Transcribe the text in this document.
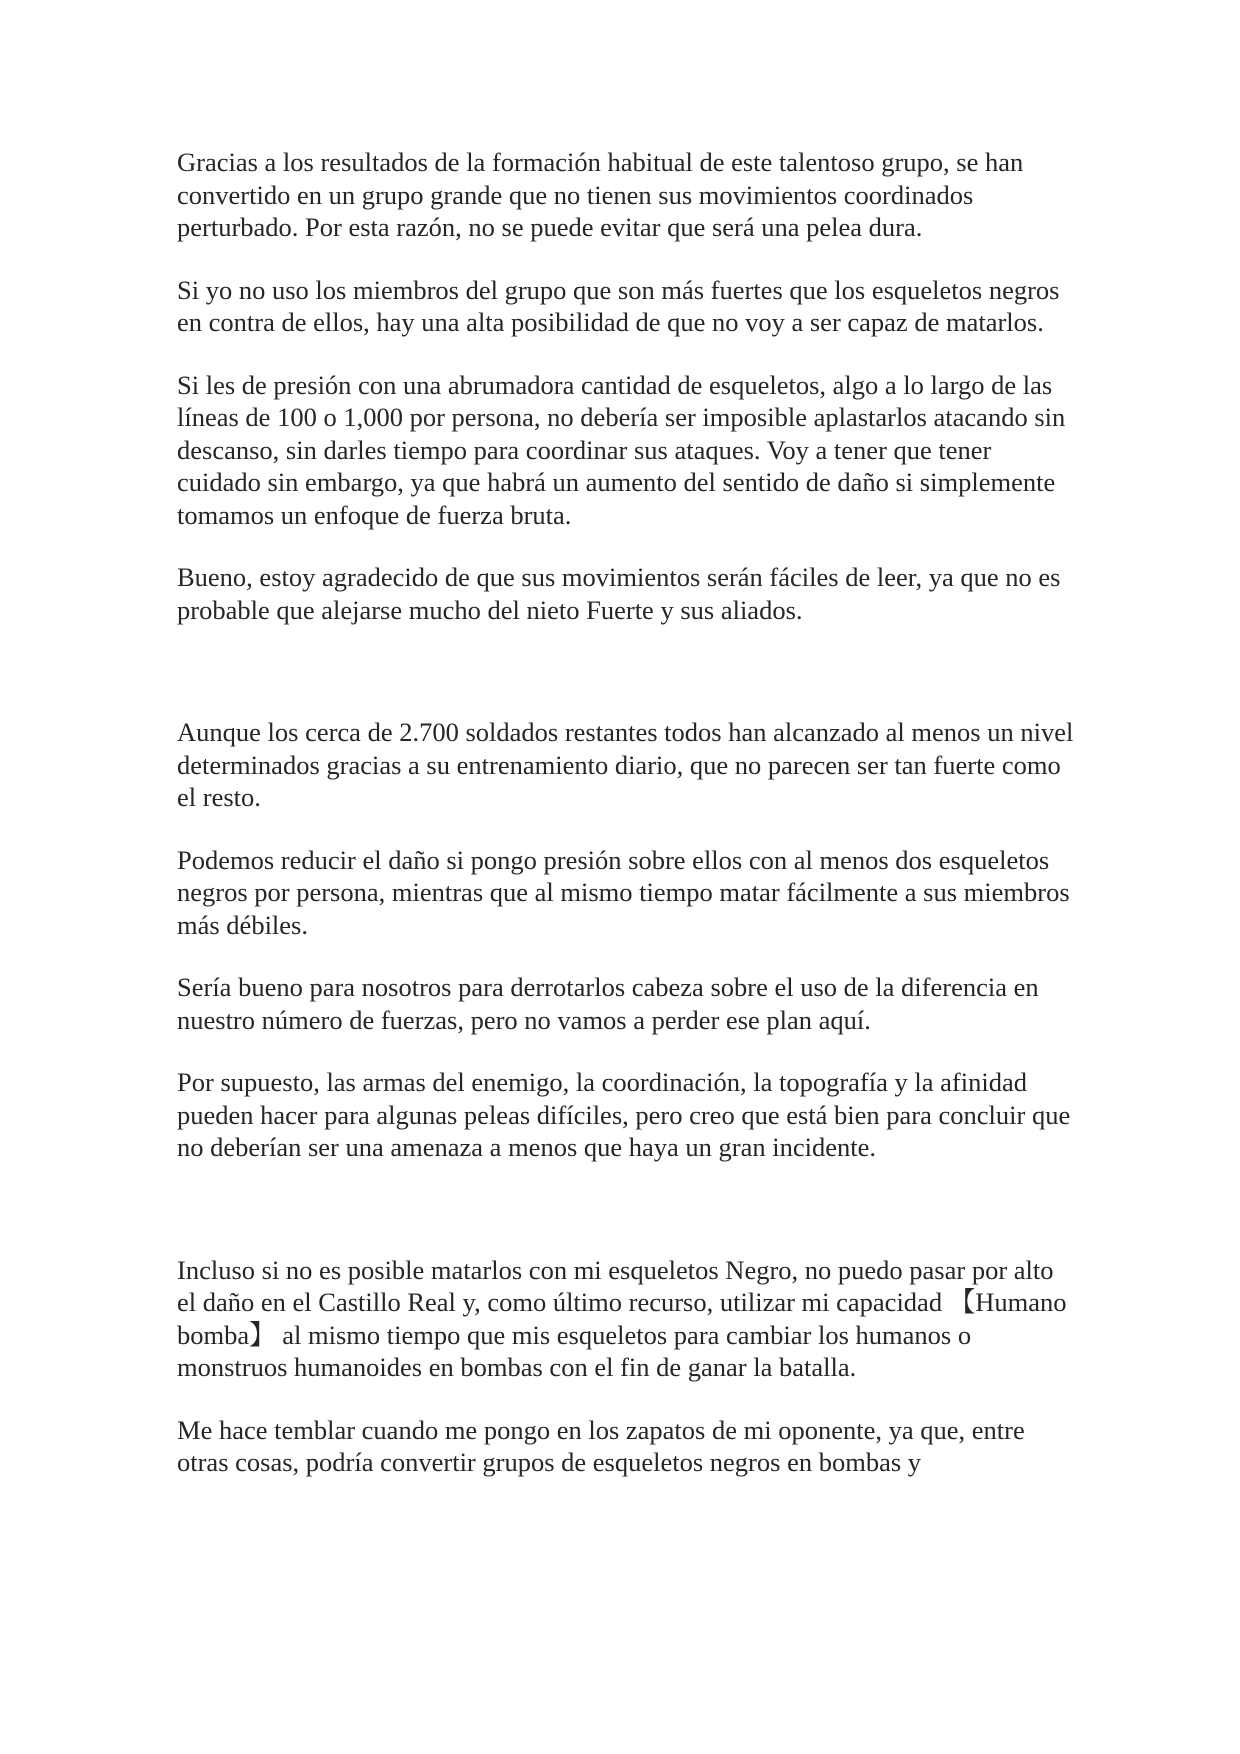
Gracias a los resultados de la formación habitual de este talentoso grupo, se han convertido en un grupo grande que no tienen sus movimientos coordinados perturbado. Por esta razón, no se puede evitar que será una pelea dura.

Si yo no uso los miembros del grupo que son más fuertes que los esqueletos negros en contra de ellos, hay una alta posibilidad de que no voy a ser capaz de matarlos.

Si les de presión con una abrumadora cantidad de esqueletos, algo a lo largo de las líneas de 100 o 1,000 por persona, no debería ser imposible aplastarlos atacando sin descanso, sin darles tiempo para coordinar sus ataques. Voy a tener que tener cuidado sin embargo, ya que habrá un aumento del sentido de daño si simplemente tomamos un enfoque de fuerza bruta.

Bueno, estoy agradecido de que sus movimientos serán fáciles de leer, ya que no es probable que alejarse mucho del nieto Fuerte y sus aliados.

Aunque los cerca de 2.700 soldados restantes todos han alcanzado al menos un nivel determinados gracias a su entrenamiento diario, que no parecen ser tan fuerte como el resto.

Podemos reducir el daño si pongo presión sobre ellos con al menos dos esqueletos negros por persona, mientras que al mismo tiempo matar fácilmente a sus miembros más débiles.

Sería bueno para nosotros para derrotarlos cabeza sobre el uso de la diferencia en nuestro número de fuerzas, pero no vamos a perder ese plan aquí.

Por supuesto, las armas del enemigo, la coordinación, la topografía y la afinidad pueden hacer para algunas peleas difíciles, pero creo que está bien para concluir que no deberían ser una amenaza a menos que haya un gran incidente.

Incluso si no es posible matarlos con mi esqueletos Negro, no puedo pasar por alto el daño en el Castillo Real y, como último recurso, utilizar mi capacidad 【Humano bomba】 al mismo tiempo que mis esqueletos para cambiar los humanos o monstruos humanoides en bombas con el fin de ganar la batalla.

Me hace temblar cuando me pongo en los zapatos de mi oponente, ya que, entre otras cosas, podría convertir grupos de esqueletos negros en bombas y
